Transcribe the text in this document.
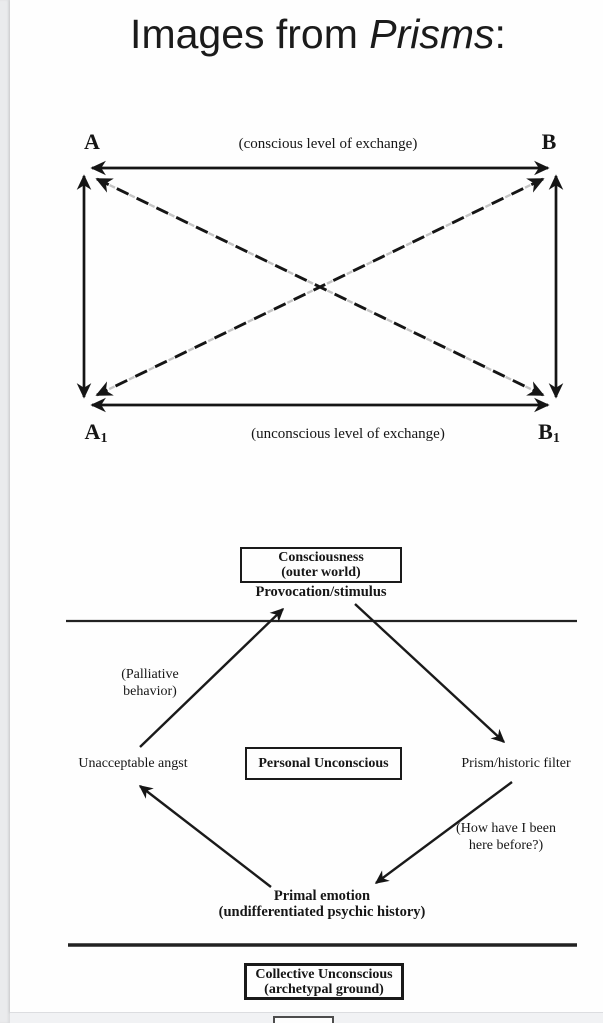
Images from Prisms:
A	B
(conscious level of exchange)
$A_1$	$B_1$
(unconscious level of exchange)
Consciousness
(outer world)
Personal Unconscious
Collective Unconscious
(archetypal ground)
Provocation/stimulus
(Palliative
behavior)
Unacceptable angst	Prism/historic filter
(How have I been
here before?)
Primal emotion
(undifferentiated psychic history)
